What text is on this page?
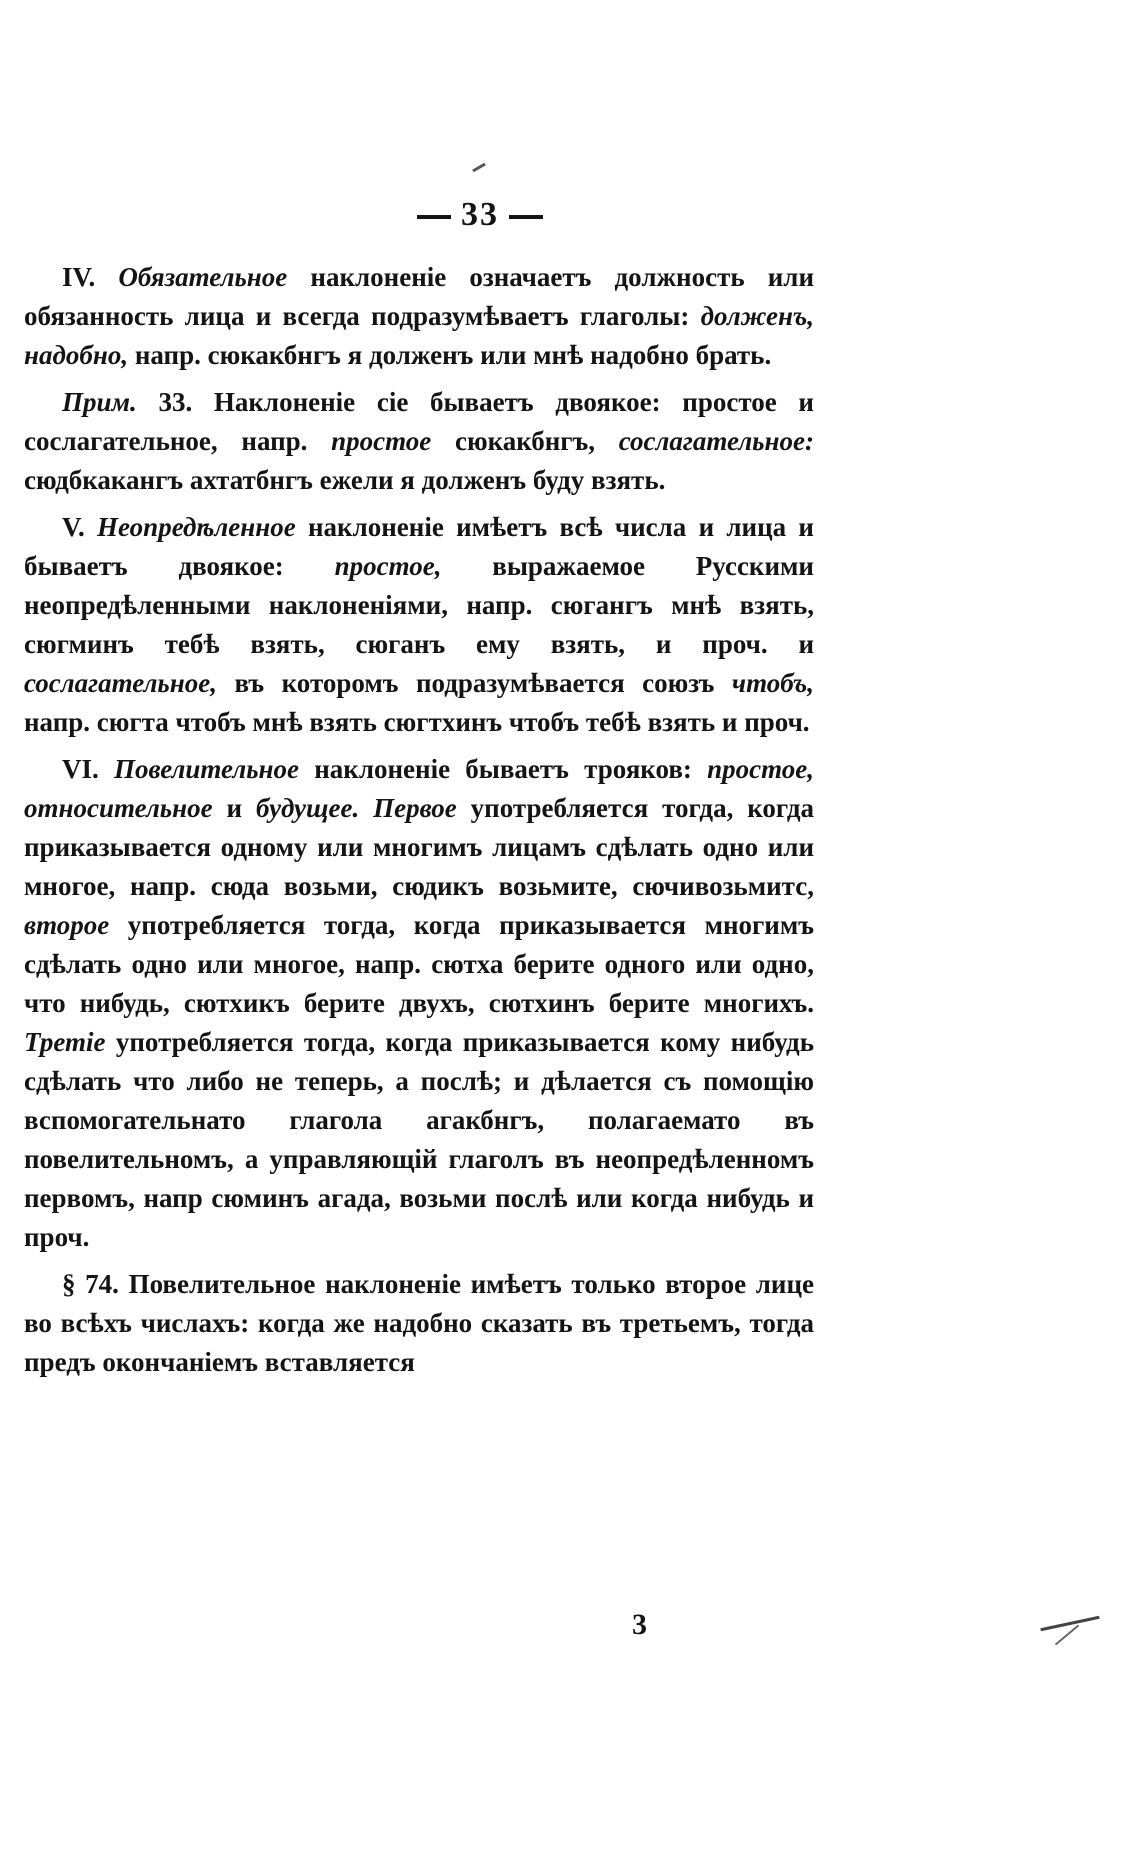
33

IV. Обязательное наклоненіе означаетъ должность или обязанность лица и всегда подразумѣваетъ глаголы: долженъ, надобно, напр. сюкакбнгъ я долженъ или мнѣ надобно брать.

Прим. 33. Наклоненіе сіе бываетъ двоякое: простое и сослагательное, напр. простое сюкакбнгъ, сослагательное: сюдбкакангъ ахтатбнгъ ежели я долженъ буду взять.

V. Неопредѣленное наклоненіе имѣетъ всѣ числа и лица и бываетъ двоякое: простое, выражаемое Русскими неопредѣленными наклоненіями, напр. сюгангъ мнѣ взять, сюгминъ тебѣ взять, сюганъ ему взять, и проч. и сослагательное, въ которомъ подразумѣвается союзъ чтобъ, напр. сюгта чтобъ мнѣ взять сюгтхинъ чтобъ тебѣ взять и проч.

VI. Повелительное наклоненіе бываетъ трояков: простое, относительное и будущее. Первое употребляется тогда, когда приказывается одному или многимъ лицамъ сдѣлать одно или многое, напр. сюда возьми, сюдикъ возьмите, сючивозьмитс, второе употребляется тогда, когда приказывается многимъ сдѣлать одно или многое, напр. сютха берите одного или одно, что нибудь, сютхикъ берите двухъ, сютхинъ берите многихъ. Третіе употребляется тогда, когда приказывается кому нибудь сдѣлать что либо не теперь, а послѣ; и дѣлается съ помощію вспомогательнато глагола агакбнгъ, полагаемато въ повелительномъ, а управляющій глаголъ въ неопредѣленномъ первомъ, напр сюминъ агада, возьми послѣ или когда нибудь и проч.

§ 74. Повелительное наклоненіе имѣетъ только второе лице во всѣхъ числахъ: когда же надобно сказать въ третьемъ, тогда предъ окончаніемъ вставляется

3
